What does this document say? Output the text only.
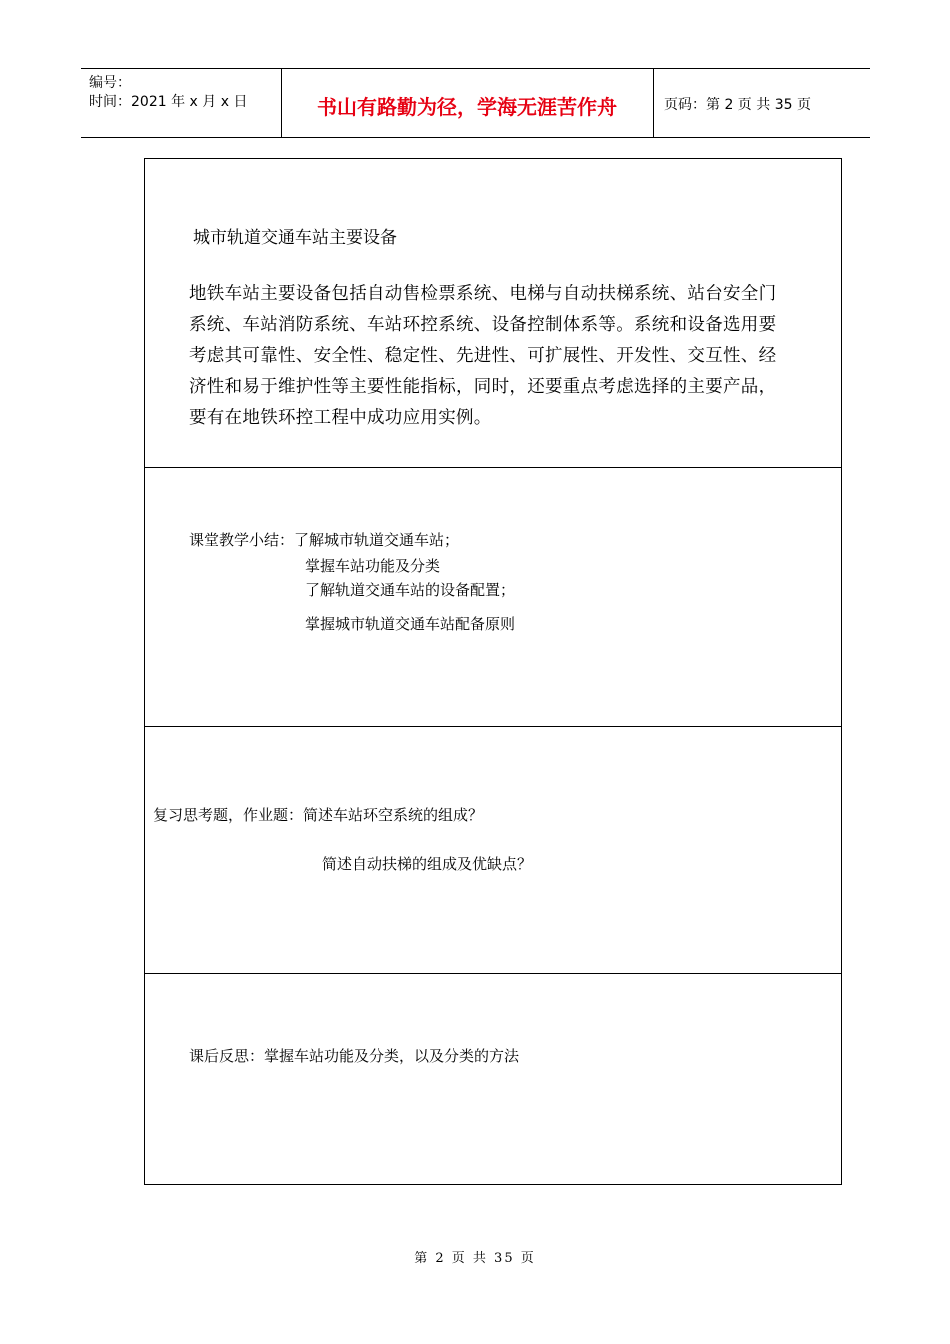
编号：
时间：2021 年 x 月 x 日	书山有路勤为径，学海无涯苦作舟	页码：第 2 页 共 35 页
城市轨道交通车站主要设备

地铁车站主要设备包括自动售检票系统、电梯与自动扶梯系统、站台安全门

系统、车站消防系统、车站环控系统、设备控制体系等。系统和设备选用要

考虑其可靠性、安全性、稳定性、先进性、可扩展性、开发性、交互性、经

济性和易于维护性等主要性能指标，同时，还要重点考虑选择的主要产品，

要有在地铁环控工程中成功应用实例。

课堂教学小结：了解城市轨道交通车站；
掌握车站功能及分类
了解轨道交通车站的设备配置；
掌握城市轨道交通车站配备原则
复习思考题，作业题：简述车站环空系统的组成？
简述自动扶梯的组成及优缺点？
课后反思：掌握车站功能及分类，以及分类的方法
第 2 页 共 35 页
